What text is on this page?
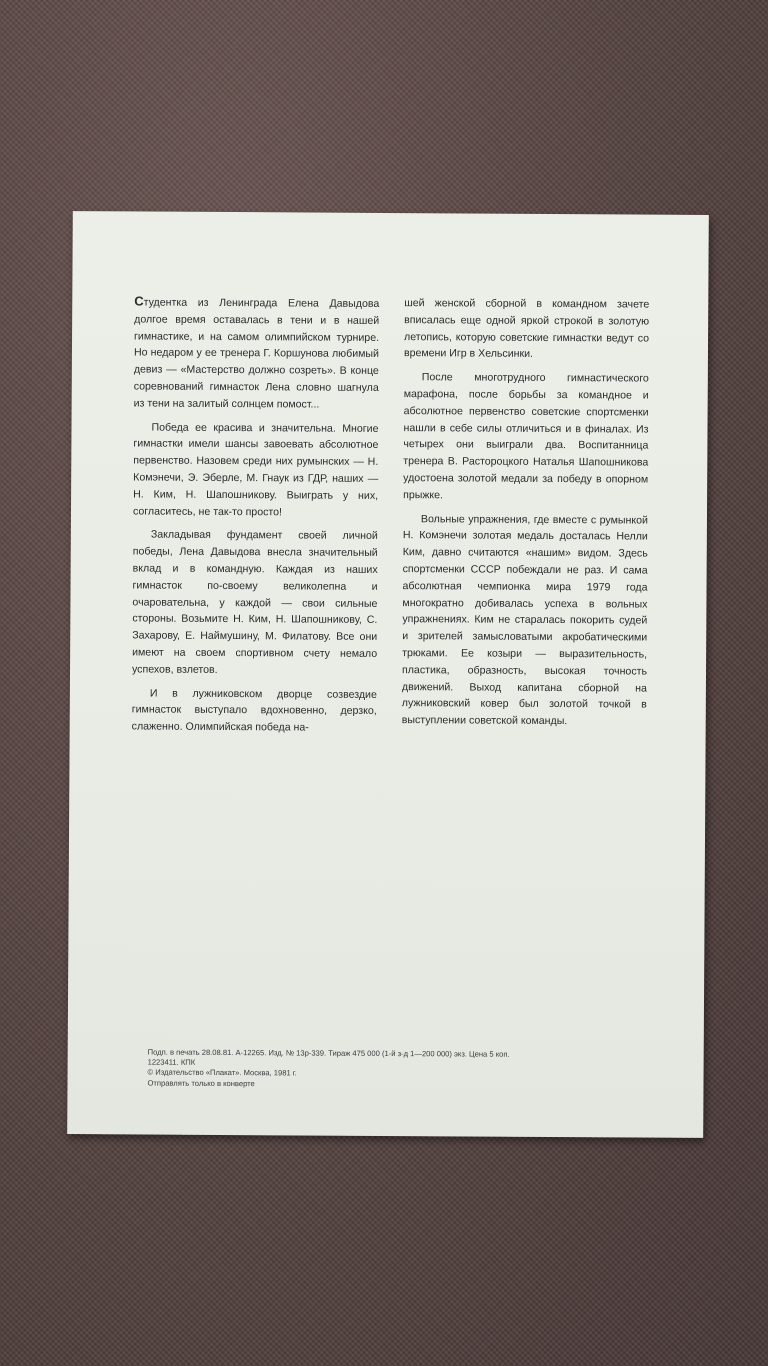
Студентка из Ленинграда Елена Давыдова долгое время оставалась в тени и в нашей гимнастике, и на самом олимпийском турнире. Но недаром у ее тренера Г. Коршунова любимый девиз — «Мастерство должно созреть». В конце соревнований гимнасток Лена словно шагнула из тени на залитый солнцем помост...

Победа ее красива и значительна. Многие гимнастки имели шансы завоевать абсолютное первенство. Назовем среди них румынских — Н. Комэнечи, Э. Эберле, М. Гнаук из ГДР, наших — Н. Ким, Н. Шапошникову. Выиграть у них, согласитесь, не так-то просто!

Закладывая фундамент своей личной победы, Лена Давыдова внесла значительный вклад и в командную. Каждая из наших гимнасток по-своему великолепна и очаровательна, у каждой — свои сильные стороны. Возьмите Н. Ким, Н. Шапошникову, С. Захарову, Е. Наймушину, М. Филатову. Все они имеют на своем спортивном счету немало успехов, взлетов.

И в лужниковском дворце созвездие гимнасток выступало вдохновенно, дерзко, слаженно. Олимпийская победа на-

шей женской сборной в командном зачете вписалась еще одной яркой строкой в золотую летопись, которую советские гимнастки ведут со времени Игр в Хельсинки.

После многотрудного гимнастического марафона, после борьбы за командное и абсолютное первенство советские спортсменки нашли в себе силы отличиться и в финалах. Из четырех они выиграли два. Воспитанница тренера В. Растороцкого Наталья Шапошникова удостоена золотой медали за победу в опорном прыжке.

Вольные упражнения, где вместе с румынкой Н. Комэнечи золотая медаль досталась Нелли Ким, давно считаются «нашим» видом. Здесь спортсменки СССР побеждали не раз. И сама абсолютная чемпионка мира 1979 года многократно добивалась успеха в вольных упражнениях. Ким не старалась покорить судей и зрителей замысловатыми акробатическими трюками. Ее козыри — выразительность, пластика, образность, высокая точность движений. Выход капитана сборной на лужниковский ковер был золотой точкой в выступлении советской команды.

Подп. в печать 28.08.81. А-12265. Изд. № 13р-339. Тираж 475 000 (1-й з-д 1—200 000) экз. Цена 5 коп.
1223411. КПК
© Издательство «Плакат». Москва, 1981 г.
Отправлять только в конверте
